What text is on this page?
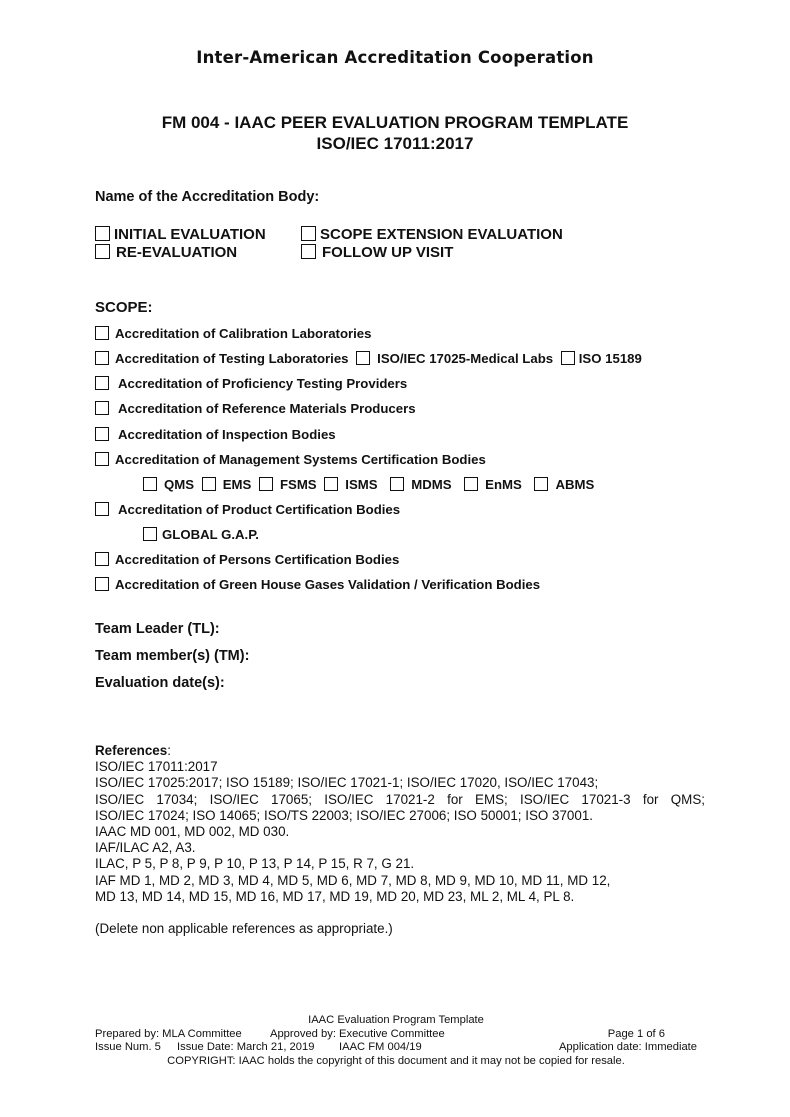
Inter-American Accreditation Cooperation
FM 004 - IAAC PEER EVALUATION PROGRAM TEMPLATE
ISO/IEC 17011:2017
Name of the Accreditation Body:
INITIAL EVALUATION	SCOPE EXTENSION EVALUATION
RE-EVALUATION	FOLLOW UP VISIT
SCOPE:
Accreditation of Calibration Laboratories
Accreditation of Testing Laboratories ISO/IEC 17025-Medical Labs ISO 15189
Accreditation of Proficiency Testing Providers
Accreditation of Reference Materials Producers
Accreditation of Inspection Bodies
Accreditation of Management Systems Certification Bodies
QMS EMS FSMS ISMS	MDMS	EnMS	ABMS
Accreditation of Product Certification Bodies
GLOBAL G.A.P.
Accreditation of Persons Certification Bodies
Accreditation of Green House Gases Validation / Verification Bodies
Team Leader (TL):
Team member(s) (TM):
Evaluation date(s):
References:
ISO/IEC 17011:2017
ISO/IEC 17025:2017; ISO 15189; ISO/IEC 17021-1; ISO/IEC 17020, ISO/IEC 17043;
ISO/IEC 17034; ISO/IEC 17065; ISO/IEC 17021-2 for EMS; ISO/IEC 17021-3 for QMS;
ISO/IEC 17024; ISO 14065; ISO/TS 22003; ISO/IEC 27006; ISO 50001; ISO 37001.
IAAC MD 001, MD 002, MD 030.
IAF/ILAC A2, A3.
ILAC, P 5, P 8, P 9, P 10, P 13, P 14, P 15, R 7, G 21.
IAF MD 1, MD 2, MD 3, MD 4, MD 5, MD 6, MD 7, MD 8, MD 9, MD 10, MD 11, MD 12,
MD 13, MD 14, MD 15, MD 16, MD 17, MD 19, MD 20, MD 23, ML 2, ML 4, PL 8.
(Delete non applicable references as appropriate.)
IAAC Evaluation Program Template
Prepared by: MLA Committee	Approved by: Executive Committee	Page 1 of 6
Issue Num. 5 Issue Date: March 21, 2019 IAAC FM 004/19	Application date: Immediate
COPYRIGHT: IAAC holds the copyright of this document and it may not be copied for resale.
